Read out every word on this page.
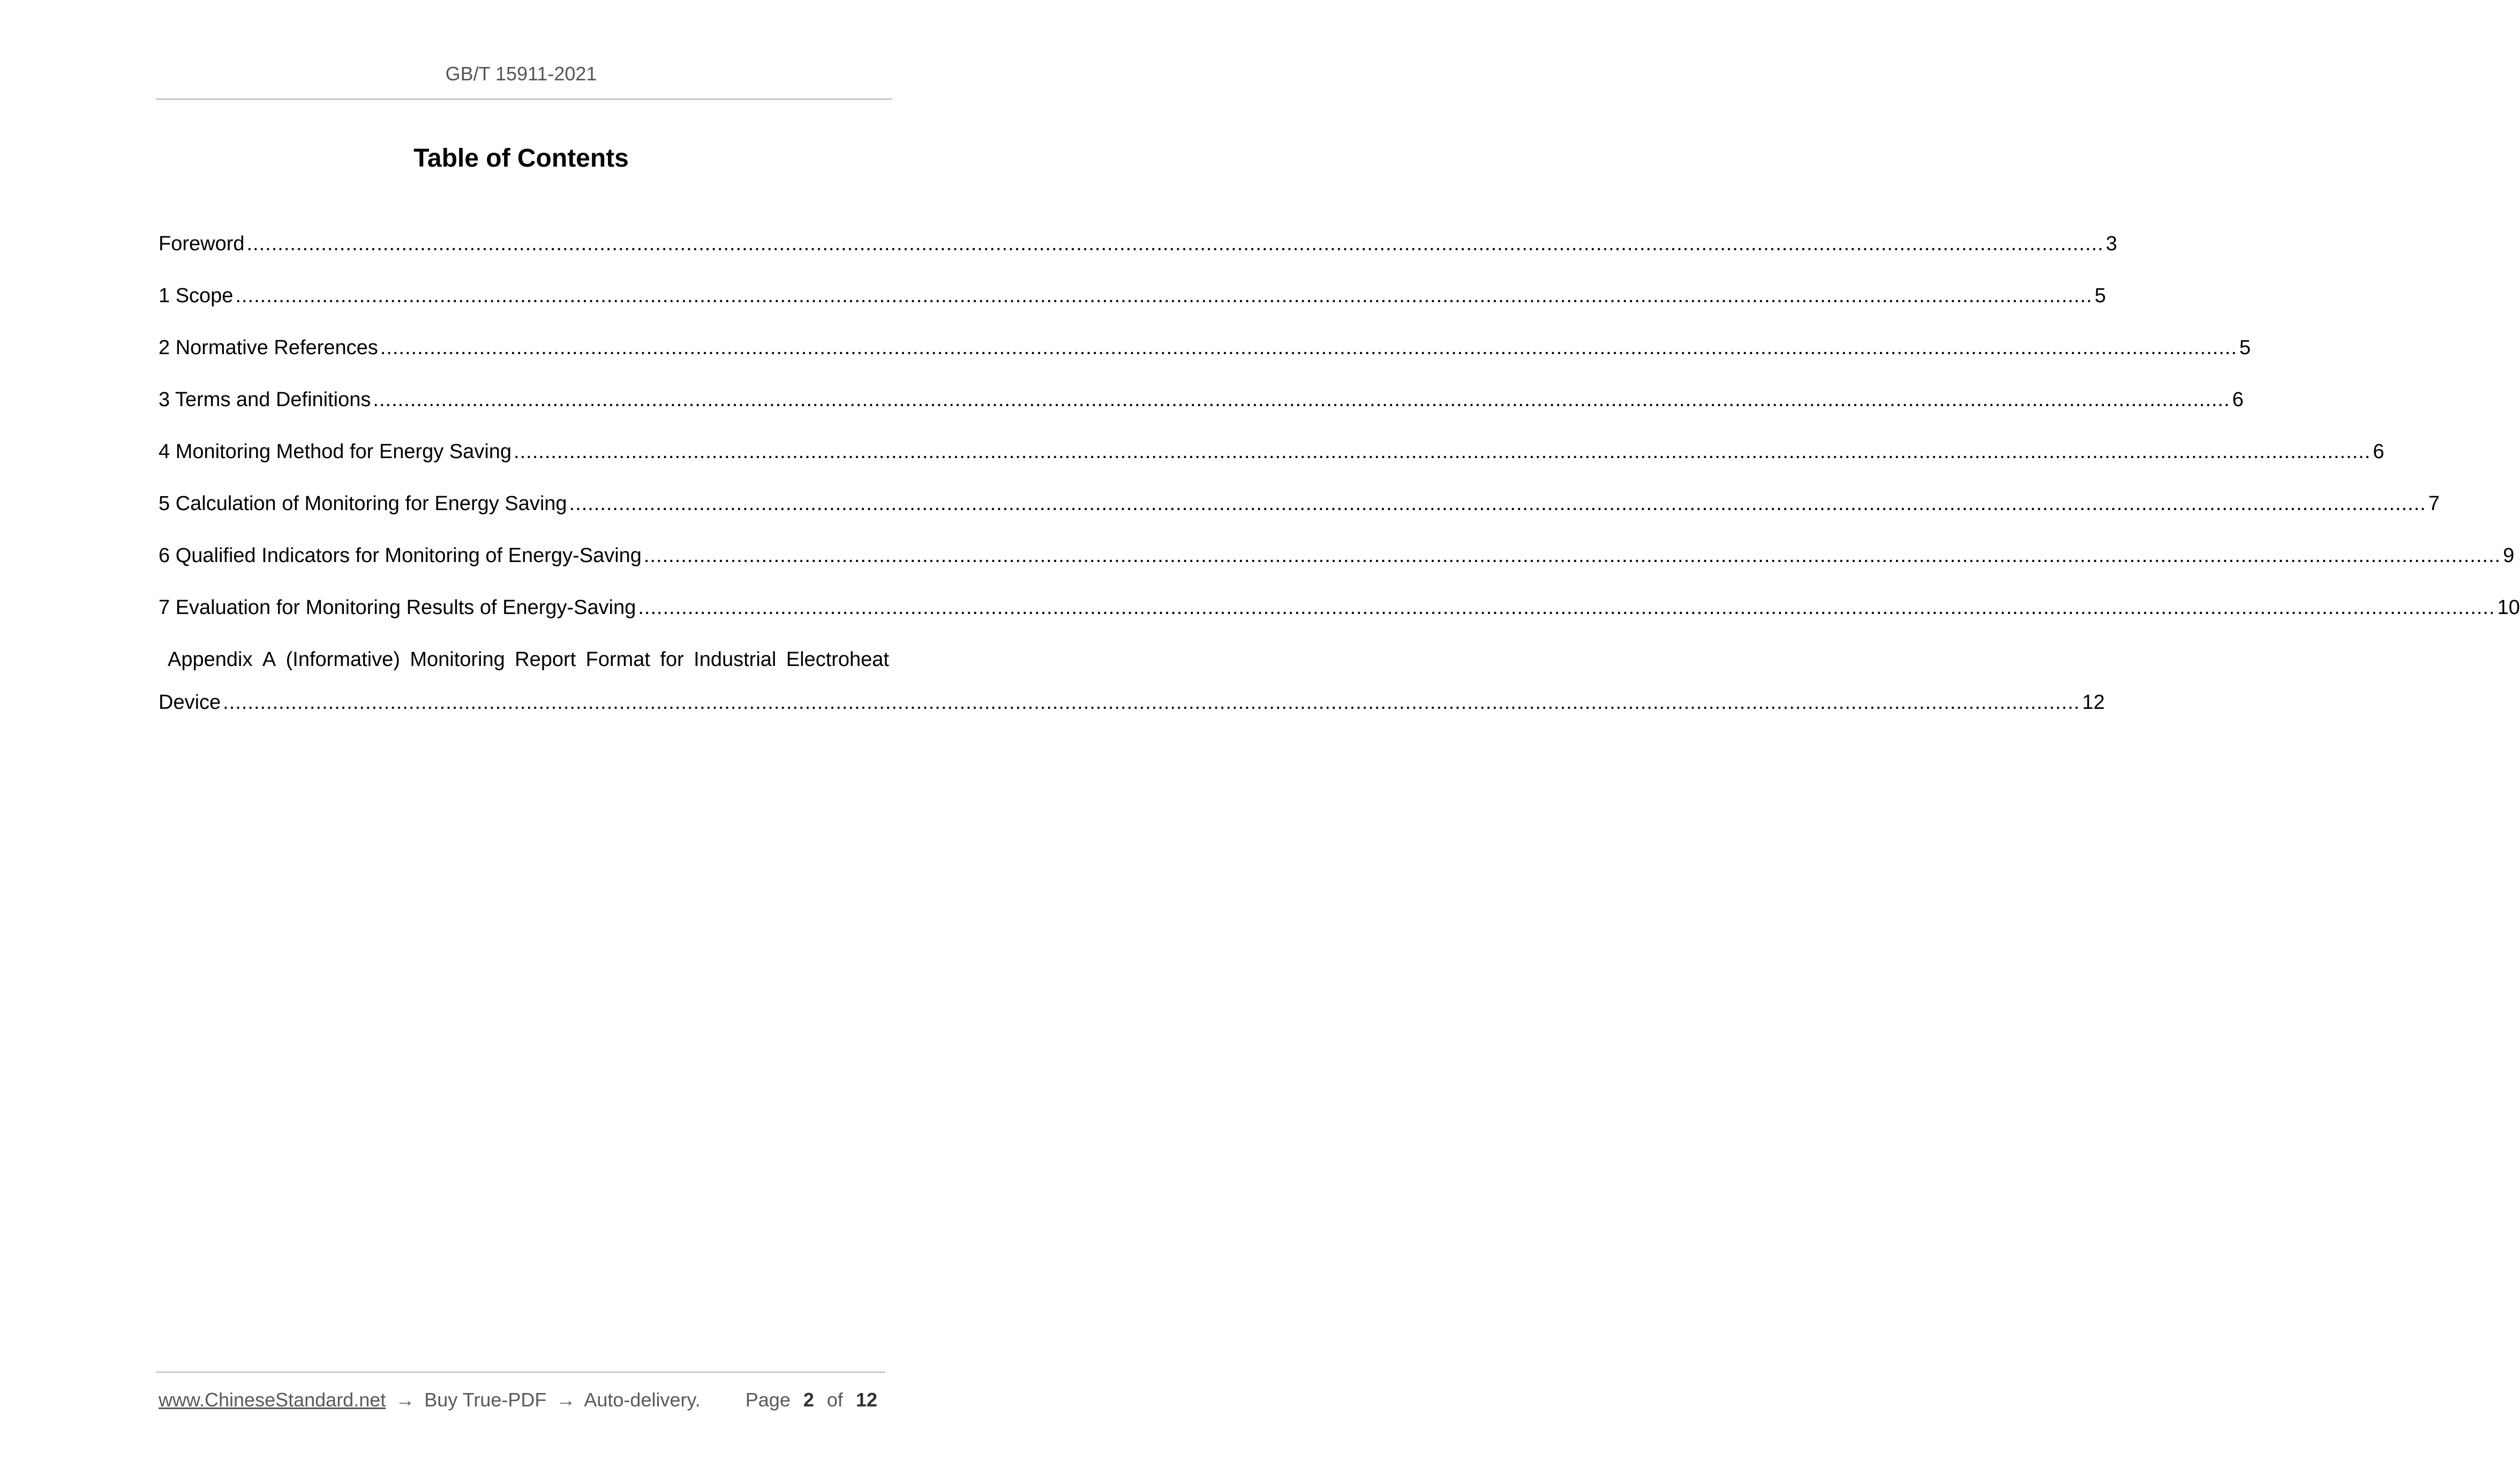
GB/T 15911-2021
Table of Contents
Foreword ............................................................................................................................................................................................................................................................................................................ 3
1 Scope ............................................................................................................................................................................................................................................................................................................ 5
2 Normative References ............................................................................................................................................................................................................................................................................................................ 5
3 Terms and Definitions ............................................................................................................................................................................................................................................................................................................ 6
4 Monitoring Method for Energy Saving ............................................................................................................................................................................................................................................................................................................ 6
5 Calculation of Monitoring for Energy Saving ............................................................................................................................................................................................................................................................................................................ 7
6 Qualified Indicators for Monitoring of Energy-Saving ............................................................................................................................................................................................................................................................................................................ 9
7 Evaluation for Monitoring Results of Energy-Saving ............................................................................................................................................................................................................................................................................................................ 10
Appendix A (Informative) Monitoring Report Format for Industrial Electroheat
Device ............................................................................................................................................................................................................................................................................................................ 12
www.ChineseStandard.net → Buy True-PDF → Auto-delivery. Page 2 of 12
